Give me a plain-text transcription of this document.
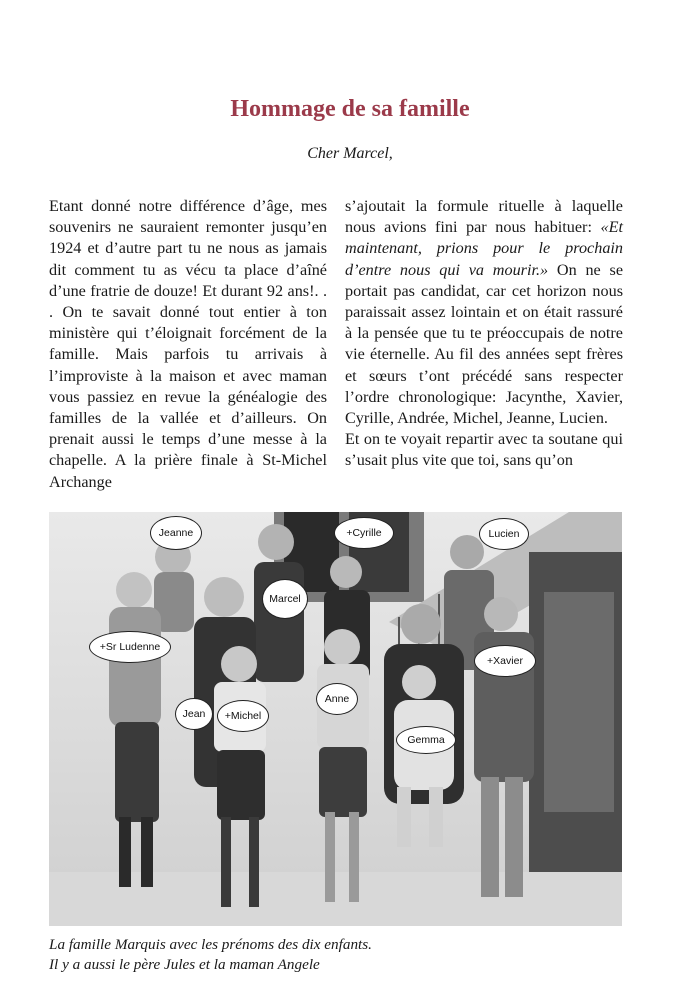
Hommage de sa famille
Cher Marcel,

Etant donné notre différence d’âge, mes souvenirs ne sauraient remonter jusqu’en 1924 et d’autre part tu ne nous as jamais dit comment tu as vécu ta place d’aîné d’une fratrie de douze! Et durant 92 ans!. . . On te savait donné tout entier à ton ministère qui t’éloignait forcément de la famille. Mais parfois tu arrivais à l’improviste à la maison et avec maman vous passiez en revue la généalogie des familles de la vallée et d’ailleurs. On prenait aussi le temps d’une messe à la chapelle. A la prière finale à St-Michel Archange

s’ajoutait la formule rituelle à laquelle nous avions fini par nous habituer: «Et maintenant, prions pour le prochain d’entre nous qui va mourir.» On ne se portait pas candidat, car cet horizon nous paraissait assez lointain et on était rassuré à la pensée que tu te préoccupais de notre vie éternelle. Au fil des années sept frères et sœurs t’ont précédé sans respecter l’ordre chronologique: Jacynthe, Xavier, Cyrille, Andrée, Michel, Jeanne, Lucien.

Et on te voyait repartir avec ta soutane qui s’usait plus vite que toi, sans qu’on

Jeanne	+Cyrille	Lucien
Marcel
+Sr Ludenne
+Xavier
Anne
Jean	+Michel
Gemma
La famille Marquis avec les prénoms des dix enfants.
Il y a aussi le père Jules et la maman Angele
